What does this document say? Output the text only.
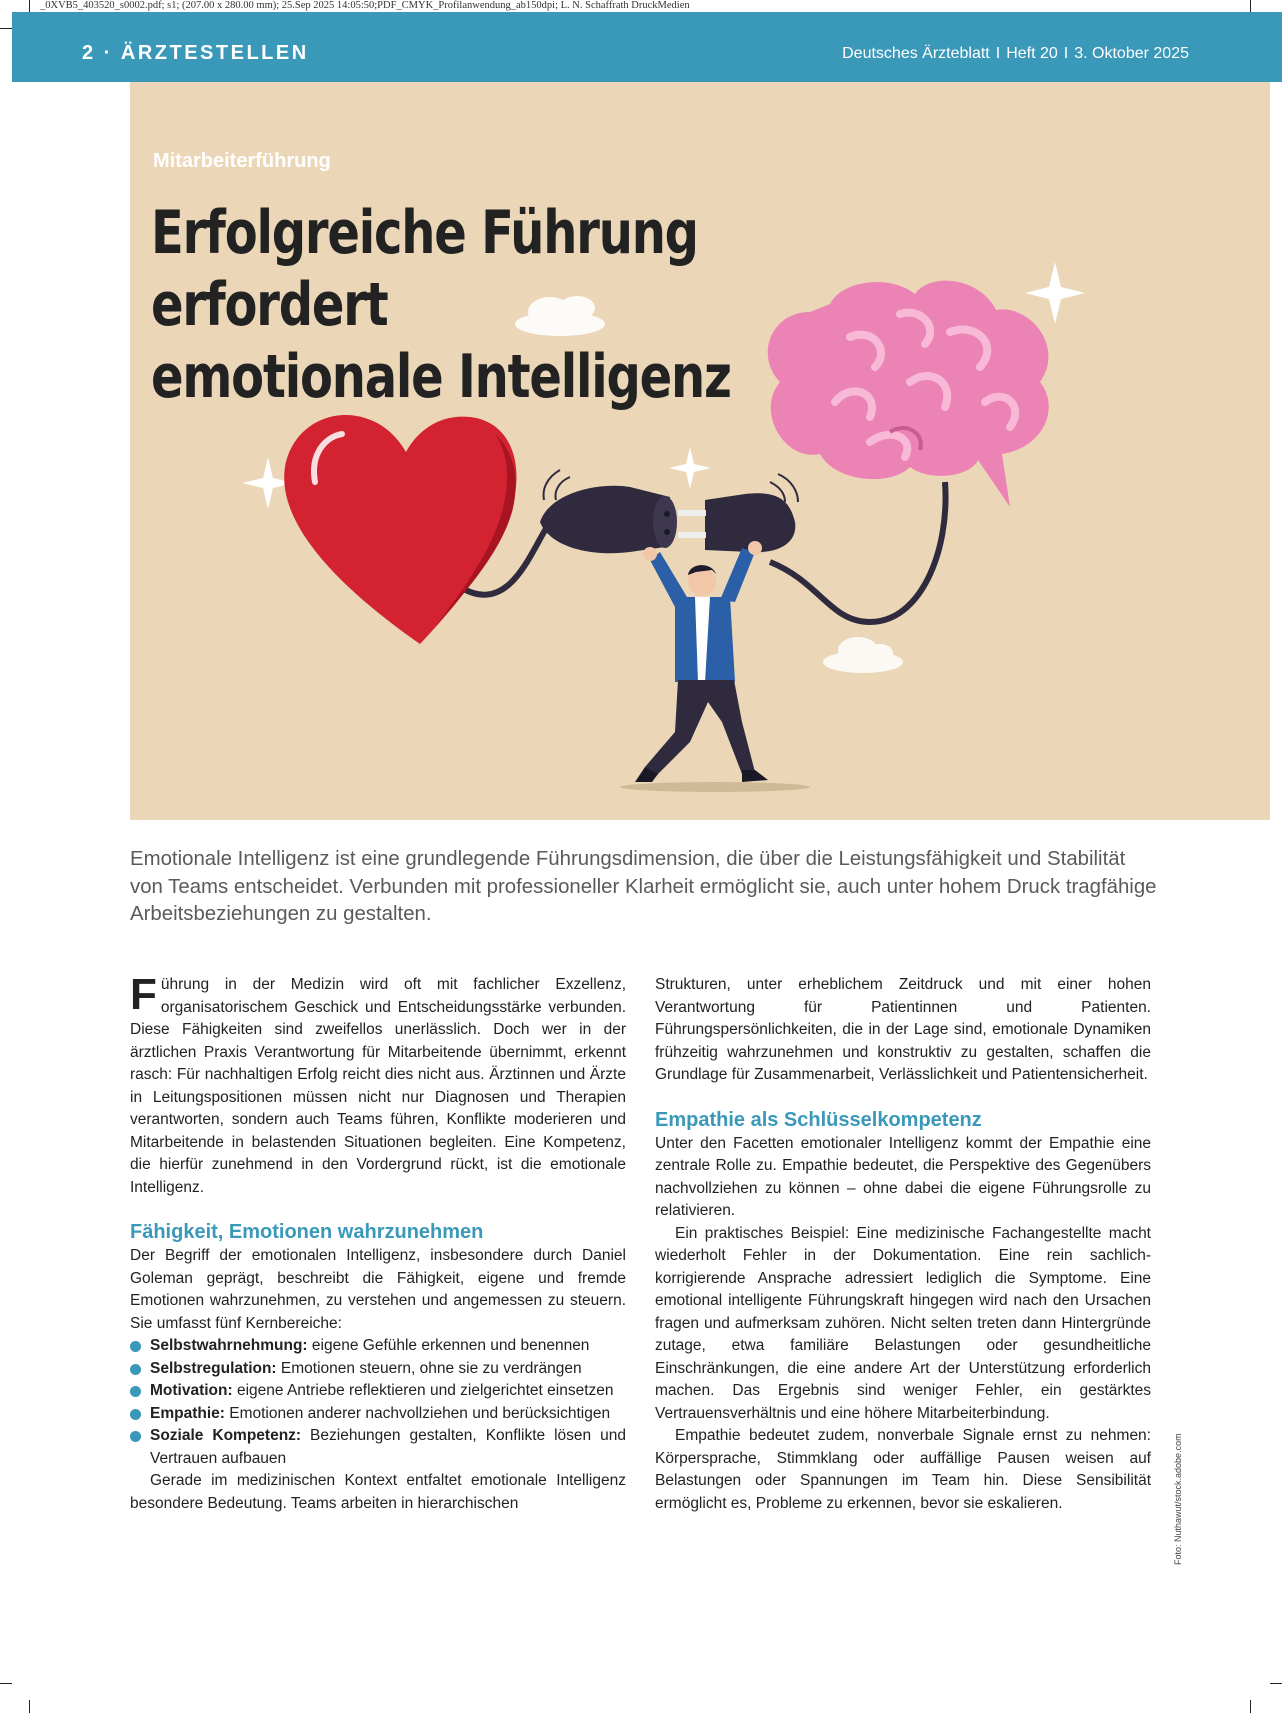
_0XVB5_403520_s0002.pdf; s1; (207.00 x 280.00 mm); 25.Sep 2025 14:05:50;PDF_CMYK_Profilanwendung_ab150dpi; L. N. Schaffrath DruckMedien
2 · ÄRZTESTELLEN	Deutsches Ärzteblatt I Heft 20 I 3. Oktober 2025
Mitarbeiterführung
Erfolgreiche Führung
erfordert
emotionale Intelligenz
Foto: Nuthawut/stock.adobe.com

Emotionale Intelligenz ist eine grundlegende Führungsdimension, die über die Leistungsfähigkeit und Stabilität von Teams entscheidet. Verbunden mit professioneller Klarheit ermöglicht sie, auch unter hohem Druck tragfähige Arbeitsbeziehungen zu gestalten.

Führung in der Medizin wird oft mit fachlicher Exzellenz, organisatorischem Geschick und Entscheidungsstärke verbunden. Diese Fähigkeiten sind zweifellos unerlässlich. Doch wer in der ärztlichen Praxis Verantwortung für Mitarbeitende übernimmt, erkennt rasch: Für nachhaltigen Erfolg reicht dies nicht aus. Ärztinnen und Ärzte in Leitungspositionen müssen nicht nur Diagnosen und Therapien verantworten, sondern auch Teams führen, Konflikte moderieren und Mitarbeitende in belastenden Situationen begleiten. Eine Kompetenz, die hierfür zunehmend in den Vordergrund rückt, ist die emotionale Intelligenz.

Fähigkeit, Emotionen wahrzunehmen

Der Begriff der emotionalen Intelligenz, insbesondere durch Daniel Goleman geprägt, beschreibt die Fähigkeit, eigene und fremde Emotionen wahrzunehmen, zu verstehen und angemessen zu steuern. Sie umfasst fünf Kernbereiche:

Selbstwahrnehmung: eigene Gefühle erkennen und benennen
Selbstregulation: Emotionen steuern, ohne sie zu verdrängen
Motivation: eigene Antriebe reflektieren und zielgerichtet einsetzen
Empathie: Emotionen anderer nachvollziehen und berücksichtigen
Soziale Kompetenz: Beziehungen gestalten, Konflikte lösen und Vertrauen aufbauen

Gerade im medizinischen Kontext entfaltet emotionale Intelligenz besondere Bedeutung. Teams arbeiten in hierarchischen

Strukturen, unter erheblichem Zeitdruck und mit einer hohen Verantwortung für Patientinnen und Patienten. Führungspersönlichkeiten, die in der Lage sind, emotionale Dynamiken frühzeitig wahrzunehmen und konstruktiv zu gestalten, schaffen die Grundlage für Zusammenarbeit, Verlässlichkeit und Patientensicherheit.

Empathie als Schlüsselkompetenz

Unter den Facetten emotionaler Intelligenz kommt der Empathie eine zentrale Rolle zu. Empathie bedeutet, die Perspektive des Gegenübers nachvollziehen zu können – ohne dabei die eigene Führungsrolle zu relativieren.

Ein praktisches Beispiel: Eine medizinische Fachangestellte macht wiederholt Fehler in der Dokumentation. Eine rein sachlich-korrigierende Ansprache adressiert lediglich die Symptome. Eine emotional intelligente Führungskraft hingegen wird nach den Ursachen fragen und aufmerksam zuhören. Nicht selten treten dann Hintergründe zutage, etwa familiäre Belastungen oder gesundheitliche Einschränkungen, die eine andere Art der Unterstützung erforderlich machen. Das Ergebnis sind weniger Fehler, ein gestärktes Vertrauensverhältnis und eine höhere Mitarbeiterbindung.

Empathie bedeutet zudem, nonverbale Signale ernst zu nehmen: Körpersprache, Stimmklang oder auffällige Pausen weisen auf Belastungen oder Spannungen im Team hin. Diese Sensibilität ermöglicht es, Probleme zu erkennen, bevor sie eskalieren.
